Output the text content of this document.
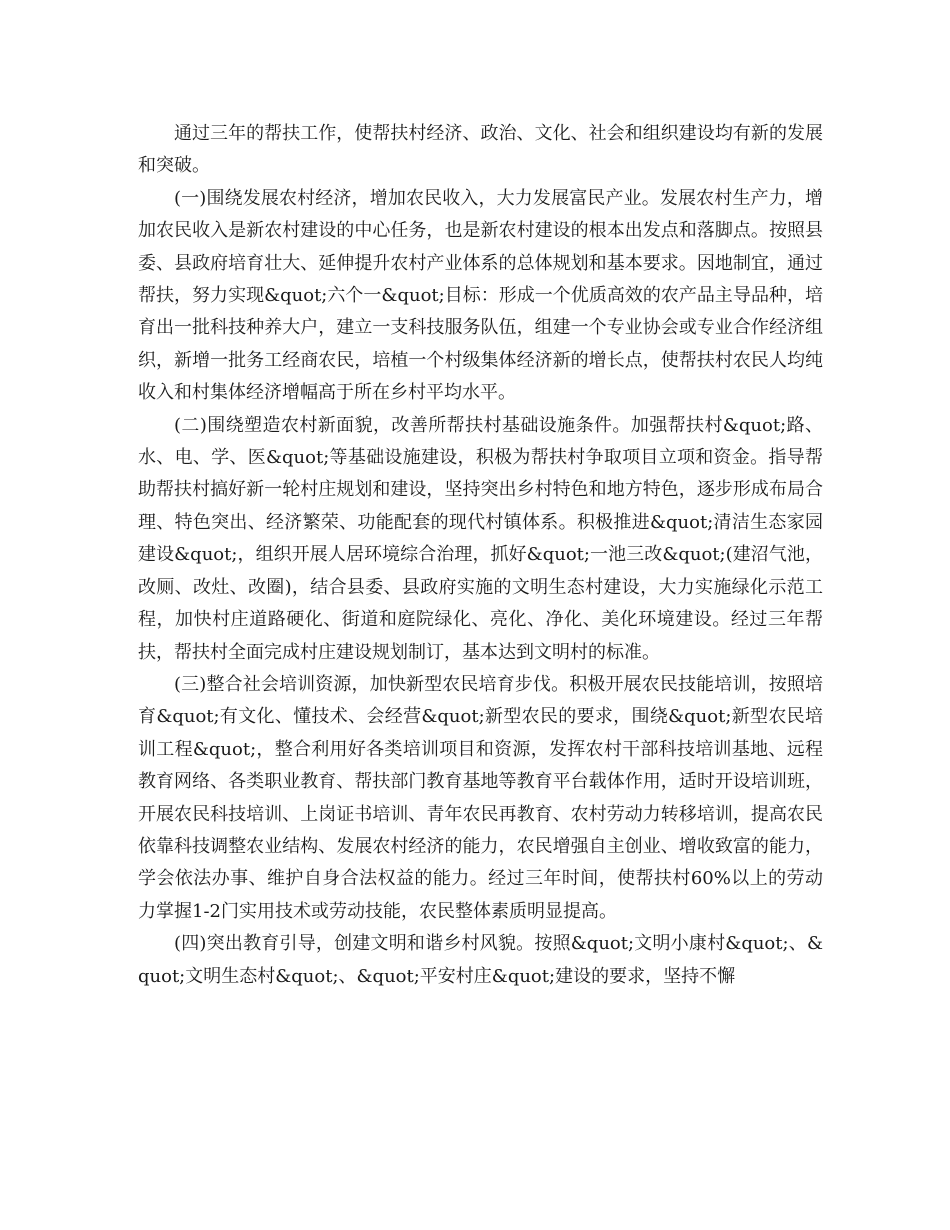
通过三年的帮扶工作，使帮扶村经济、政治、文化、社会和组织建设均有新的发展和突破。

(一)围绕发展农村经济，增加农民收入，大力发展富民产业。发展农村生产力，增加农民收入是新农村建设的中心任务，也是新农村建设的根本出发点和落脚点。按照县委、县政府培育壮大、延伸提升农村产业体系的总体规划和基本要求。因地制宜，通过帮扶，努力实现&quot;六个一&quot;目标：形成一个优质高效的农产品主导品种，培育出一批科技种养大户，建立一支科技服务队伍，组建一个专业协会或专业合作经济组织，新增一批务工经商农民，培植一个村级集体经济新的增长点，使帮扶村农民人均纯收入和村集体经济增幅高于所在乡村平均水平。

(二)围绕塑造农村新面貌，改善所帮扶村基础设施条件。加强帮扶村&quot;路、水、电、学、医&quot;等基础设施建设，积极为帮扶村争取项目立项和资金。指导帮助帮扶村搞好新一轮村庄规划和建设，坚持突出乡村特色和地方特色，逐步形成布局合理、特色突出、经济繁荣、功能配套的现代村镇体系。积极推进&quot;清洁生态家园建设&quot;，组织开展人居环境综合治理，抓好&quot;一池三改&quot;(建沼气池，改厕、改灶、改圈)，结合县委、县政府实施的文明生态村建设，大力实施绿化示范工程，加快村庄道路硬化、街道和庭院绿化、亮化、净化、美化环境建设。经过三年帮扶，帮扶村全面完成村庄建设规划制订，基本达到文明村的标准。

(三)整合社会培训资源，加快新型农民培育步伐。积极开展农民技能培训，按照培育&quot;有文化、懂技术、会经营&quot;新型农民的要求，围绕&quot;新型农民培训工程&quot;，整合利用好各类培训项目和资源，发挥农村干部科技培训基地、远程教育网络、各类职业教育、帮扶部门教育基地等教育平台载体作用，适时开设培训班，开展农民科技培训、上岗证书培训、青年农民再教育、农村劳动力转移培训，提高农民依靠科技调整农业结构、发展农村经济的能力，农民增强自主创业、增收致富的能力，学会依法办事、维护自身合法权益的能力。经过三年时间，使帮扶村60%以上的劳动力掌握1-2门实用技术或劳动技能，农民整体素质明显提高。

(四)突出教育引导，创建文明和谐乡村风貌。按照&quot;文明小康村&quot;、&quot;文明生态村&quot;、&quot;平安村庄&quot;建设的要求，坚持不懈
